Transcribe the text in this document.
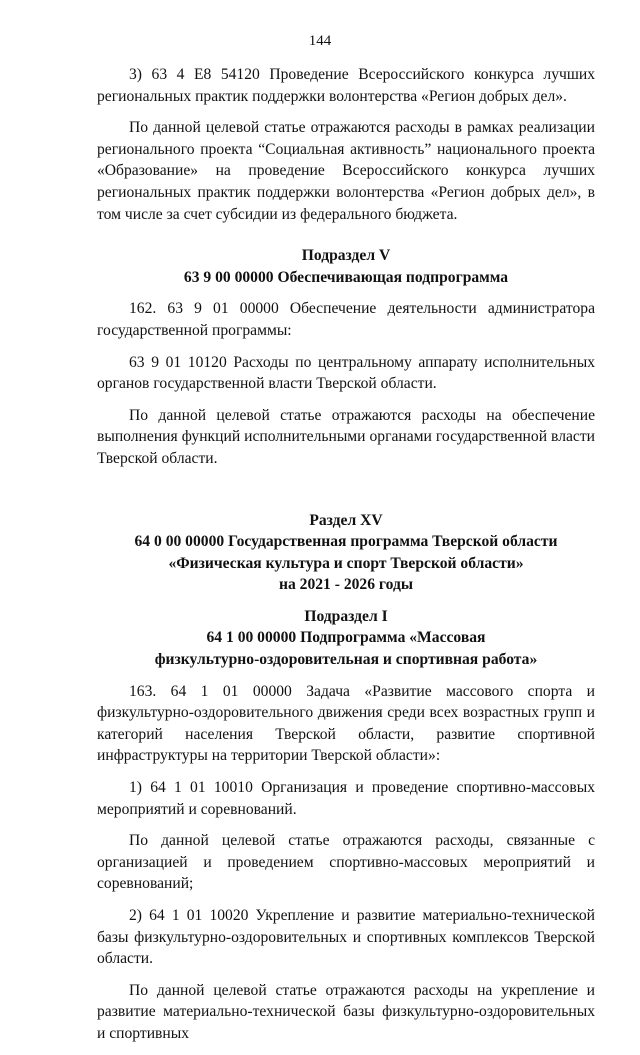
144

3) 63 4 E8 54120 Проведение Всероссийского конкурса лучших региональных практик поддержки волонтерства «Регион добрых дел».

По данной целевой статье отражаются расходы в рамках реализации регионального проекта “Социальная активность” национального проекта «Образование» на проведение Всероссийского конкурса лучших региональных практик поддержки волонтерства «Регион добрых дел», в том числе за счет субсидии из федерального бюджета.

Подраздел V
63 9 00 00000 Обеспечивающая подпрограмма

162. 63 9 01 00000 Обеспечение деятельности администратора государственной программы:

63 9 01 10120 Расходы по центральному аппарату исполнительных органов государственной власти Тверской области.

По данной целевой статье отражаются расходы на обеспечение выполнения функций исполнительными органами государственной власти Тверской области.

Раздел XV
64 0 00 00000 Государственная программа Тверской области
«Физическая культура и спорт Тверской области»
на 2021 - 2026 годы
Подраздел I
64 1 00 00000 Подпрограмма «Массовая
физкультурно-оздоровительная и спортивная работа»

163. 64 1 01 00000 Задача «Развитие массового спорта и физкультурно-оздоровительного движения среди всех возрастных групп и категорий населения Тверской области, развитие спортивной инфраструктуры на территории Тверской области»:

1) 64 1 01 10010 Организация и проведение спортивно-массовых мероприятий и соревнований.

По данной целевой статье отражаются расходы, связанные с организацией и проведением спортивно-массовых мероприятий и соревнований;

2) 64 1 01 10020 Укрепление и развитие материально-технической базы физкультурно-оздоровительных и спортивных комплексов Тверской области.

По данной целевой статье отражаются расходы на укрепление и развитие материально-технической базы физкультурно-оздоровительных и спортивных
